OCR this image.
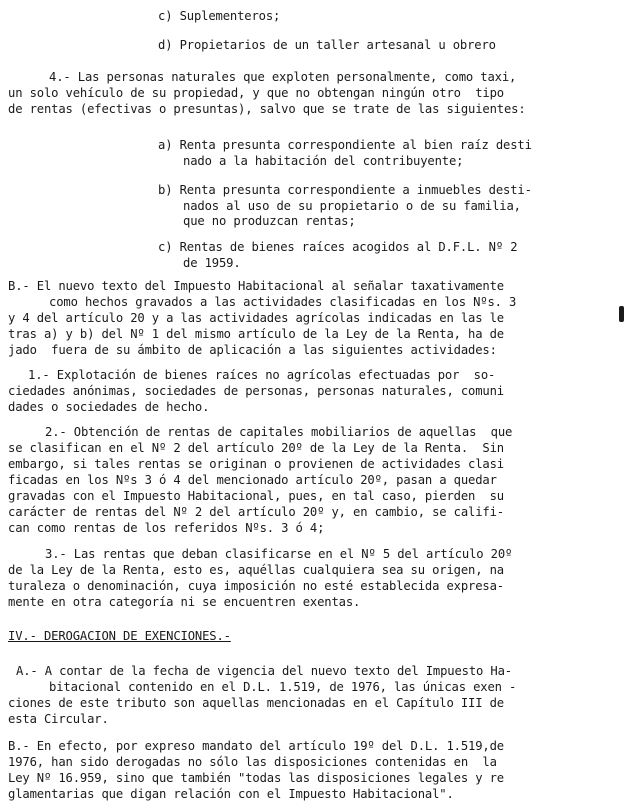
c) Suplementeros;
d) Propietarios de un taller artesanal u obrero
4.- Las personas naturales que exploten personalmente, como taxi,
un solo vehículo de su propiedad, y que no obtengan ningún otro  tipo
de rentas (efectivas o presuntas), salvo que se trate de las siguientes:
a) Renta presunta correspondiente al bien raíz desti
nado a la habitación del contribuyente;
b) Renta presunta correspondiente a inmuebles desti-
nados al uso de su propietario o de su familia,
que no produzcan rentas;
c) Rentas de bienes raíces acogidos al D.F.L. Nº 2
de 1959.
B.- El nuevo texto del Impuesto Habitacional al señalar taxativamente
como hechos gravados a las actividades clasificadas en los Nºs. 3
y 4 del artículo 20 y a las actividades agrícolas indicadas en las le
tras a) y b) del Nº 1 del mismo artículo de la Ley de la Renta, ha de
jado  fuera de su ámbito de aplicación a las siguientes actividades:
1.- Explotación de bienes raíces no agrícolas efectuadas por  so-
ciedades anónimas, sociedades de personas, personas naturales, comuni
dades o sociedades de hecho.
2.- Obtención de rentas de capitales mobiliarios de aquellas  que
se clasifican en el Nº 2 del artículo 20º de la Ley de la Renta.  Sin
embargo, si tales rentas se originan o provienen de actividades clasi
ficadas en los Nºs 3 ó 4 del mencionado artículo 20º, pasan a quedar
gravadas con el Impuesto Habitacional, pues, en tal caso, pierden  su
carácter de rentas del Nº 2 del artículo 20º y, en cambio, se califi-
can como rentas de los referidos Nºs. 3 ó 4;
3.- Las rentas que deban clasificarse en el Nº 5 del artículo 20º
de la Ley de la Renta, esto es, aquéllas cualquiera sea su origen, na
turaleza o denominación, cuya imposición no esté establecida expresa-
mente en otra categoría ni se encuentren exentas.
IV.- DEROGACION DE EXENCIONES.-
A.- A contar de la fecha de vigencia del nuevo texto del Impuesto Ha-
bitacional contenido en el D.L. 1.519, de 1976, las únicas exen -
ciones de este tributo son aquellas mencionadas en el Capítulo III de
esta Circular.
B.- En efecto, por expreso mandato del artículo 19º del D.L. 1.519,de
1976, han sido derogadas no sólo las disposiciones contenidas en  la
Ley Nº 16.959, sino que también "todas las disposiciones legales y re
glamentarias que digan relación con el Impuesto Habitacional".
